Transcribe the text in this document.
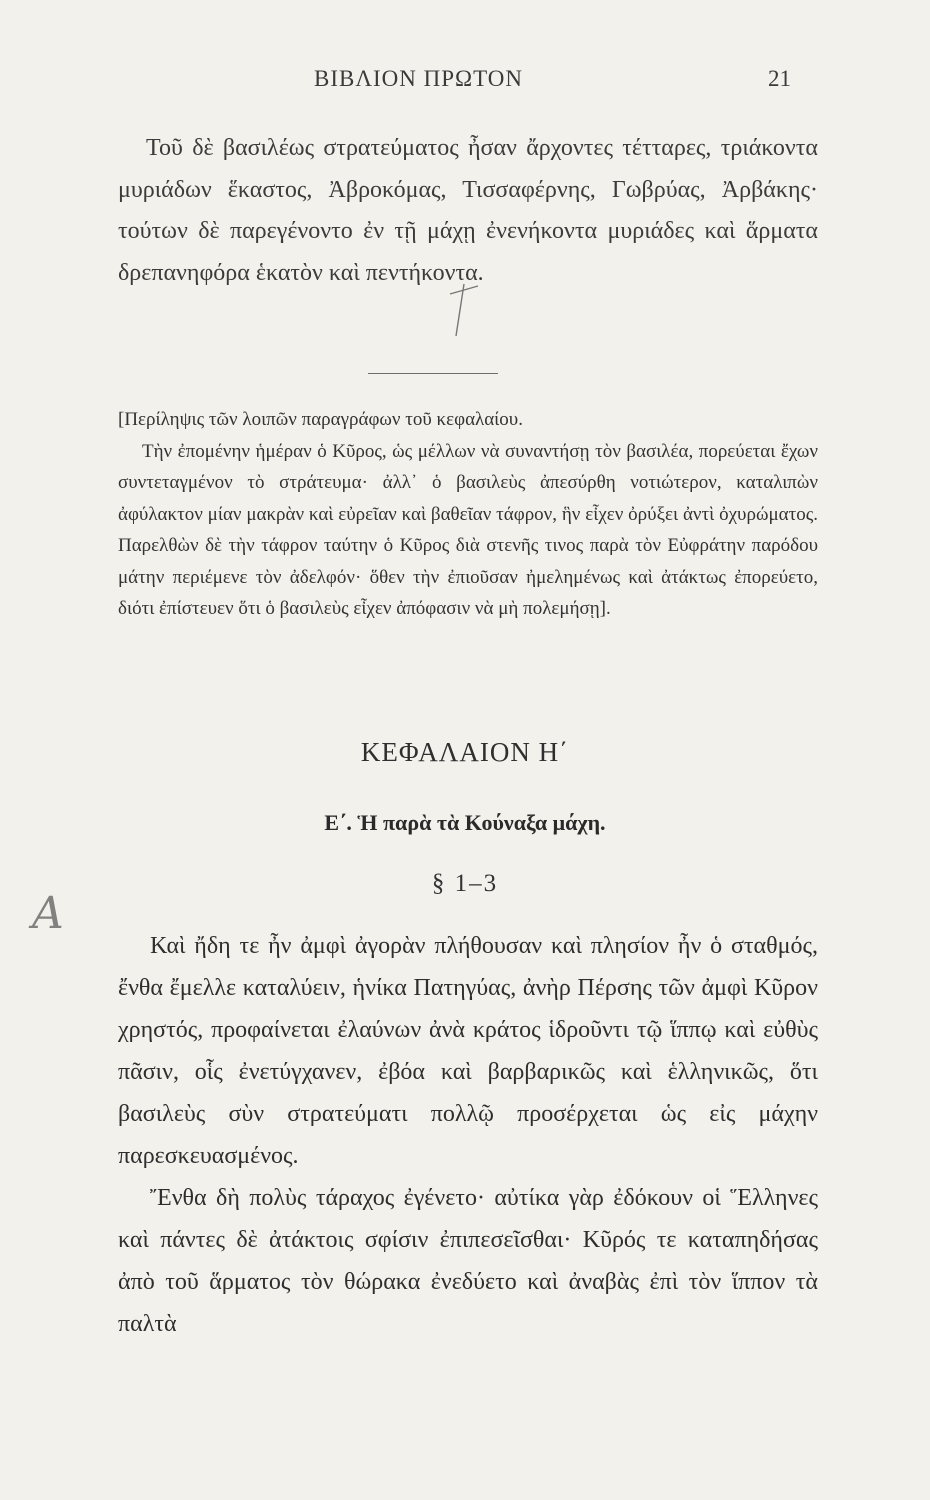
ΒΙΒΛΙΟΝ ΠΡΩΤΟΝ	21
Τοῦ δὲ βασιλέως στρατεύματος ἦσαν ἄρχοντες τέτταρες, τριάκοντα μυριάδων ἕκαστος, Ἀβροκόμας, Τισσαφέρνης, Γωβρύας, Ἀρβάκης· τούτων δὲ παρεγένοντο ἐν τῇ μάχῃ ἐνενήκοντα μυριάδες καὶ ἅρματα δρεπανηφόρα ἑκατὸν καὶ πεντήκοντα.

[Περίληψις τῶν λοιπῶν παραγράφων τοῦ κεφαλαίου.

Τὴν ἐπομένην ἡμέραν ὁ Κῦρος, ὡς μέλλων νὰ συναντήσῃ τὸν βασιλέα, πορεύεται ἔχων συντεταγμένον τὸ στράτευμα· ἀλλ᾽ ὁ βασιλεὺς ἀπεσύρθη νοτιώτερον, καταλιπὼν ἀφύλακτον μίαν μακρὰν καὶ εὐρεῖαν καὶ βαθεῖαν τάφρον, ἣν εἶχεν ὀρύξει ἀντὶ ὀχυρώματος. Παρελθὼν δὲ τὴν τάφρον ταύτην ὁ Κῦρος διὰ στενῆς τινος παρὰ τὸν Εὐφράτην παρόδου μάτην περιέμενε τὸν ἀδελφόν· ὅθεν τὴν ἐπιοῦσαν ἠμελημένως καὶ ἀτάκτως ἐπορεύετο, διότι ἐπίστευεν ὅτι ὁ βασιλεὺς εἶχεν ἀπόφασιν νὰ μὴ πολεμήσῃ].

ΚΕΦΑΛΑΙΟΝ Η΄
Ε΄. Ἡ παρὰ τὰ Κούναξα μάχη.
§ 1–3
A

Καὶ ἤδη τε ἦν ἀμφὶ ἀγορὰν πλήθουσαν καὶ πλησίον ἦν ὁ σταθμός, ἔνθα ἔμελλε καταλύειν, ἡνίκα Πατηγύας, ἀνὴρ Πέρσης τῶν ἀμφὶ Κῦρον χρηστός, προφαίνεται ἐλαύνων ἀνὰ κράτος ἱδροῦντι τῷ ἵππῳ καὶ εὐθὺς πᾶσιν, οἷς ἐνετύγχανεν, ἐβόα καὶ βαρβαρικῶς καὶ ἑλληνικῶς, ὅτι βασιλεὺς σὺν στρατεύματι πολλῷ προσέρχεται ὡς εἰς μάχην παρεσκευασμένος.

Ἔνθα δὴ πολὺς τάραχος ἐγένετο· αὐτίκα γὰρ ἐδόκουν οἱ Ἕλληνες καὶ πάντες δὲ ἀτάκτοις σφίσιν ἐπιπεσεῖσθαι· Κῦρός τε καταπηδήσας ἀπὸ τοῦ ἅρματος τὸν θώρακα ἐνεδύετο καὶ ἀναβὰς ἐπὶ τὸν ἵππον τὰ παλτὰ
